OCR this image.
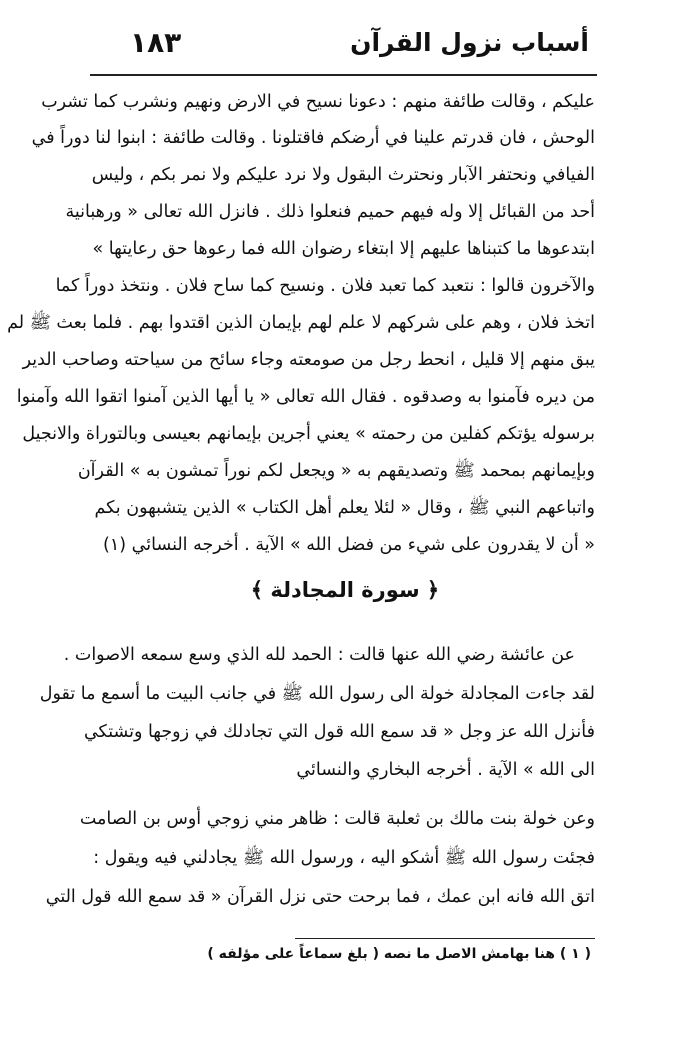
أسباب نزول القرآن
١٨٣
عليكم ، وقالت طائفة منهم : دعونا نسيح في الارض ونهيم ونشرب كما تشرب
الوحش ، فان قدرتم علينا في أرضكم فاقتلونا . وقالت طائفة : ابنوا لنا دوراً في
الفيافي ونحتفر الآبار ونحترث البقول ولا نرد عليكم ولا نمر بكم ، وليس
أحد من القبائل إلا وله فيهم حميم فنعلوا ذلك . فانزل الله تعالى « ورهبانية
ابتدعوها ما كتبناها عليهم إلا ابتغاء رضوان الله فما رعوها حق رعايتها »
والآخرون قالوا : نتعبد كما تعبد فلان . ونسيح كما ساح فلان . ونتخذ دوراً كما
اتخذ فلان ، وهم على شركهم لا علم لهم بإيمان الذين اقتدوا بهم . فلما بعث ﷺ لم
يبق منهم إلا قليل ، انحط رجل من صومعته وجاء سائح من سياحته وصاحب الدير
من ديره فآمنوا به وصدقوه . فقال الله تعالى « يا أيها الذين آمنوا اتقوا الله وآمنوا
برسوله يؤتكم كفلين من رحمته » يعني أجرين بإيمانهم بعيسى وبالتوراة والانجيل
وبإيمانهم بمحمد ﷺ وتصديقهم به « ويجعل لكم نوراً تمشون به » القرآن
واتباعهم النبي ﷺ ، وقال « لئلا يعلم أهل الكتاب » الذين يتشبهون بكم
« أن لا يقدرون على شيء من فضل الله » الآية . أخرجه النسائي (١)
﴿ سورة المجادلة ﴾
عن عائشة رضي الله عنها قالت : الحمد لله الذي وسع سمعه الاصوات .
لقد جاءت المجادلة خولة الى رسول الله ﷺ في جانب البيت ما أسمع ما تقول
فأنزل الله عز وجل « قد سمع الله قول التي تجادلك في زوجها وتشتكي
الى الله » الآية . أخرجه البخاري والنسائي
وعن خولة بنت مالك بن ثعلبة قالت : ظاهر مني زوجي أوس بن الصامت
فجئت رسول الله ﷺ أشكو اليه ، ورسول الله ﷺ يجادلني فيه ويقول :
اتق الله فانه ابن عمك ، فما برحت حتى نزل القرآن « قد سمع الله قول التي
( ١ ) هنا بهامش الاصل ما نصه ( بلغ سماعاً على مؤلفه )
